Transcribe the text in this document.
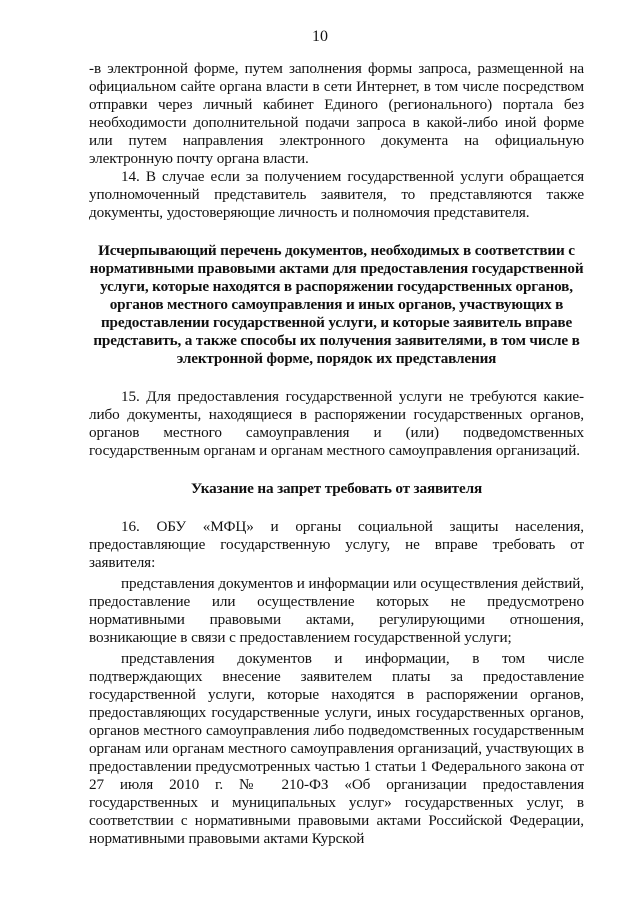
10

-в электронной форме, путем заполнения формы запроса, размещенной на официальном сайте органа власти в сети Интернет, в том числе посредством отправки через личный кабинет Единого (регионального) портала без необходимости дополнительной подачи запроса в какой-либо иной форме или путем направления электронного документа на официальную электронную почту органа власти.

14. В случае если за получением государственной услуги обращается уполномоченный представитель заявителя, то представляются также документы, удостоверяющие личность и полномочия представителя.

Исчерпывающий перечень документов, необходимых в соответствии с нормативными правовыми актами для предоставления государственной услуги, которые находятся в распоряжении государственных органов, органов местного самоуправления и иных органов, участвующих в предоставлении государственной услуги, и которые заявитель вправе представить, а также способы их получения заявителями, в том числе в электронной форме, порядок их представления

15. Для предоставления государственной услуги не требуются какие-либо документы, находящиеся в распоряжении государственных органов, органов местного самоуправления и (или) подведомственных государственным органам и органам местного самоуправления организаций.

Указание на запрет требовать от заявителя

16. ОБУ «МФЦ» и органы социальной защиты населения, предоставляющие государственную услугу, не вправе требовать от заявителя:

представления документов и информации или осуществления действий, предоставление или осуществление которых не предусмотрено нормативными правовыми актами, регулирующими отношения, возникающие в связи с предоставлением государственной услуги;

представления документов и информации, в том числе подтверждающих внесение заявителем платы за предоставление государственной услуги, которые находятся в распоряжении органов, предоставляющих государственные услуги, иных государственных органов, органов местного самоуправления либо подведомственных государственным органам или органам местного самоуправления организаций, участвующих в предоставлении предусмотренных частью 1 статьи 1 Федерального закона от 27 июля 2010 г. № 210-ФЗ «Об организации предоставления государственных и муниципальных услуг» государственных услуг, в соответствии с нормативными правовыми актами Российской Федерации, нормативными правовыми актами Курской
